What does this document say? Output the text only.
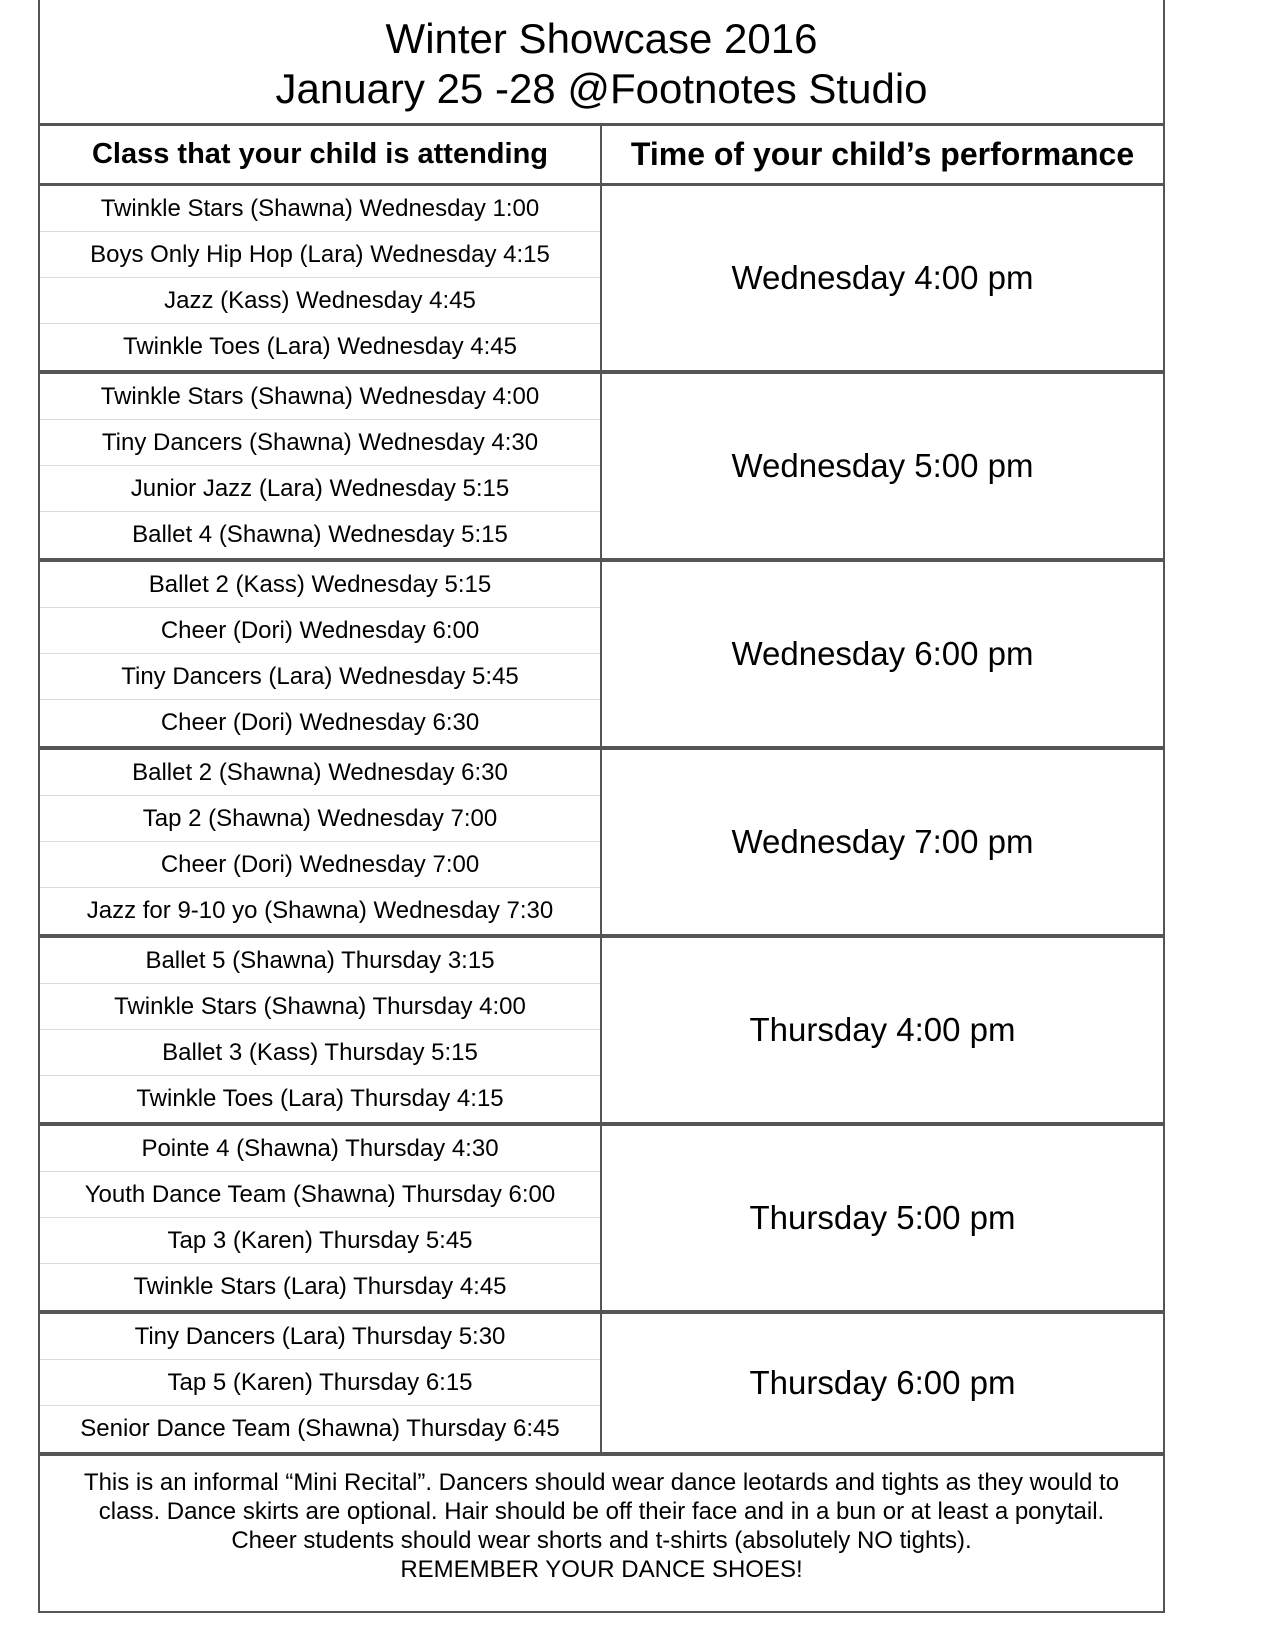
Winter Showcase 2016
January 25 -28 @Footnotes Studio
Class that your child is attending	Time of your child’s performance
Twinkle Stars (Shawna) Wednesday 1:00
Boys Only Hip Hop (Lara) Wednesday 4:15
Jazz (Kass) Wednesday 4:45
Twinkle Toes (Lara) Wednesday 4:45
Wednesday 4:00 pm
Twinkle Stars (Shawna) Wednesday 4:00
Tiny Dancers (Shawna) Wednesday 4:30
Junior Jazz (Lara) Wednesday 5:15
Ballet 4 (Shawna) Wednesday 5:15
Wednesday 5:00 pm
Ballet 2 (Kass) Wednesday 5:15
Cheer (Dori) Wednesday 6:00
Tiny Dancers (Lara) Wednesday 5:45
Cheer (Dori) Wednesday 6:30
Wednesday 6:00 pm
Ballet 2 (Shawna) Wednesday 6:30
Tap 2 (Shawna) Wednesday 7:00
Cheer (Dori) Wednesday 7:00
Jazz for 9-10 yo (Shawna) Wednesday 7:30
Wednesday 7:00 pm
Ballet 5 (Shawna) Thursday 3:15
Twinkle Stars (Shawna) Thursday 4:00
Ballet 3 (Kass) Thursday 5:15
Twinkle Toes (Lara) Thursday 4:15
Thursday 4:00 pm
Pointe 4 (Shawna) Thursday 4:30
Youth Dance Team (Shawna) Thursday 6:00
Tap 3 (Karen) Thursday 5:45
Twinkle Stars (Lara) Thursday 4:45
Thursday 5:00 pm
Tiny Dancers (Lara) Thursday 5:30
Tap 5 (Karen) Thursday 6:15
Senior Dance Team (Shawna) Thursday 6:45
Thursday 6:00 pm
This is an informal “Mini Recital”. Dancers should wear dance leotards and tights as they would to
class. Dance skirts are optional. Hair should be off their face and in a bun or at least a ponytail.
Cheer students should wear shorts and t-shirts (absolutely NO tights).
REMEMBER YOUR DANCE SHOES!
